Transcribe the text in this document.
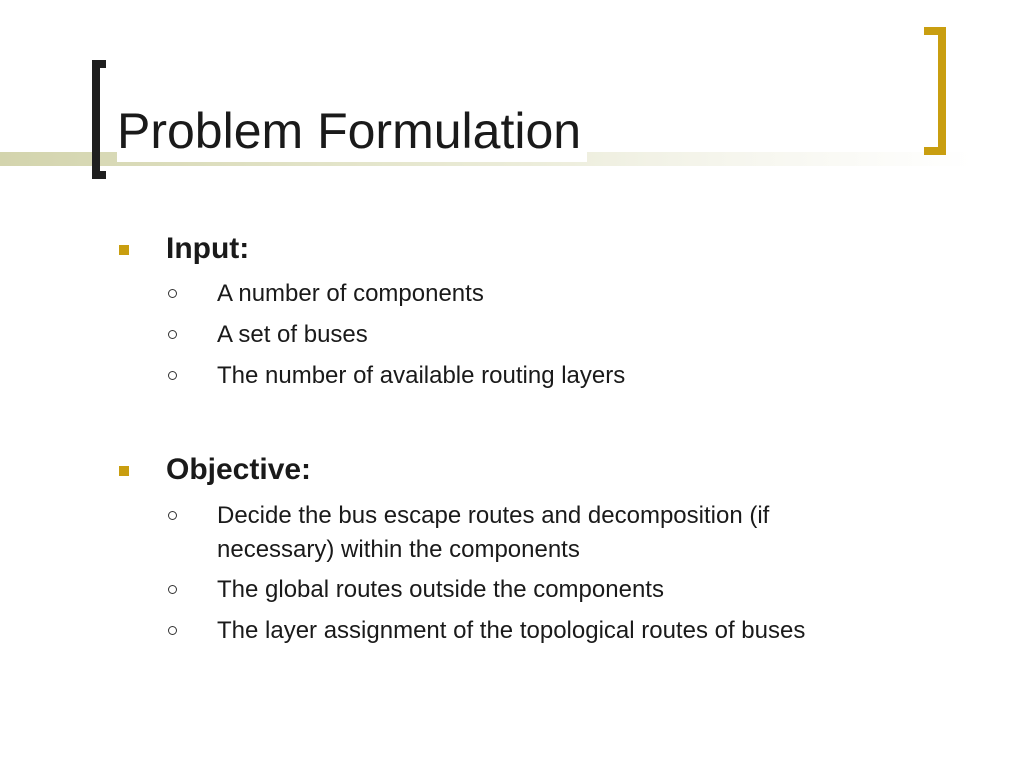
Problem Formulation
Input:
A number of components
A set of buses
The number of available routing layers
Objective:
Decide the bus escape routes and decomposition (if necessary) within the components
The global routes outside the components
The layer assignment of the topological routes of buses
